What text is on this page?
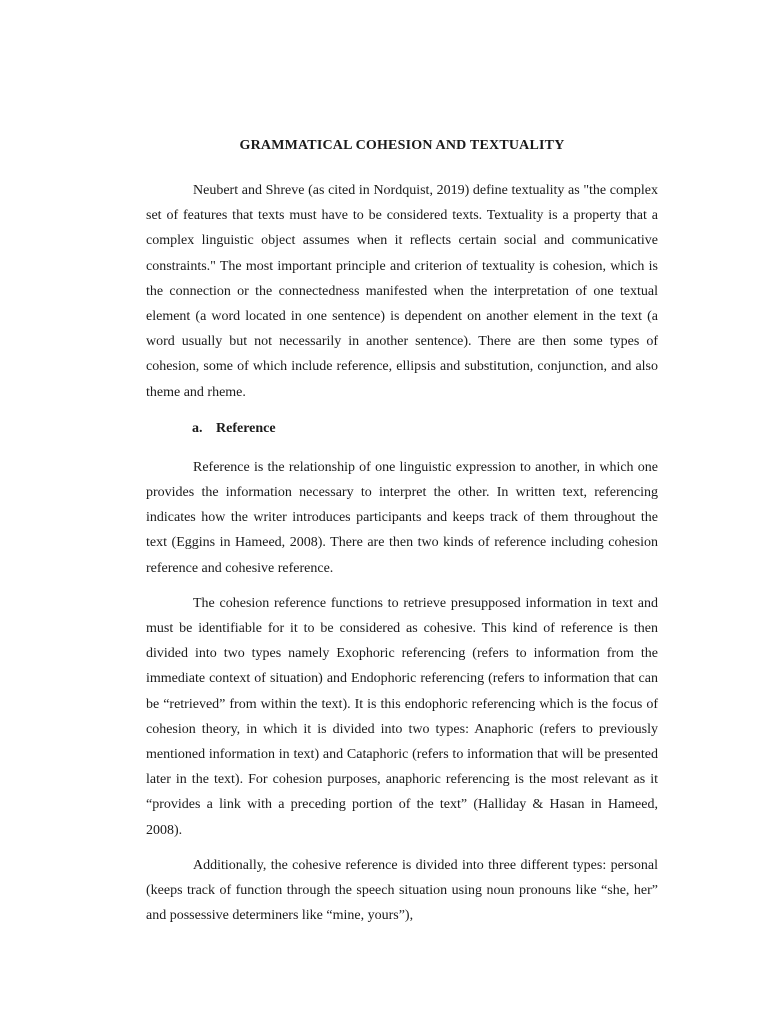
GRAMMATICAL COHESION AND TEXTUALITY

Neubert and Shreve (as cited in Nordquist, 2019) define textuality as "the complex set of features that texts must have to be considered texts. Textuality is a property that a complex linguistic object assumes when it reflects certain social and communicative constraints." The most important principle and criterion of textuality is cohesion, which is the connection or the connectedness manifested when the interpretation of one textual element (a word located in one sentence) is dependent on another element in the text (a word usually but not necessarily in another sentence). There are then some types of cohesion, some of which include reference, ellipsis and substitution, conjunction, and also theme and rheme.

a. Reference

Reference is the relationship of one linguistic expression to another, in which one provides the information necessary to interpret the other. In written text, referencing indicates how the writer introduces participants and keeps track of them throughout the text (Eggins in Hameed, 2008). There are then two kinds of reference including cohesion reference and cohesive reference.

The cohesion reference functions to retrieve presupposed information in text and must be identifiable for it to be considered as cohesive. This kind of reference is then divided into two types namely Exophoric referencing (refers to information from the immediate context of situation) and Endophoric referencing (refers to information that can be “retrieved” from within the text). It is this endophoric referencing which is the focus of cohesion theory, in which it is divided into two types: Anaphoric (refers to previously mentioned information in text) and Cataphoric (refers to information that will be presented later in the text). For cohesion purposes, anaphoric referencing is the most relevant as it “provides a link with a preceding portion of the text” (Halliday & Hasan in Hameed, 2008).

Additionally, the cohesive reference is divided into three different types: personal (keeps track of function through the speech situation using noun pronouns like “she, her” and possessive determiners like “mine, yours”),
